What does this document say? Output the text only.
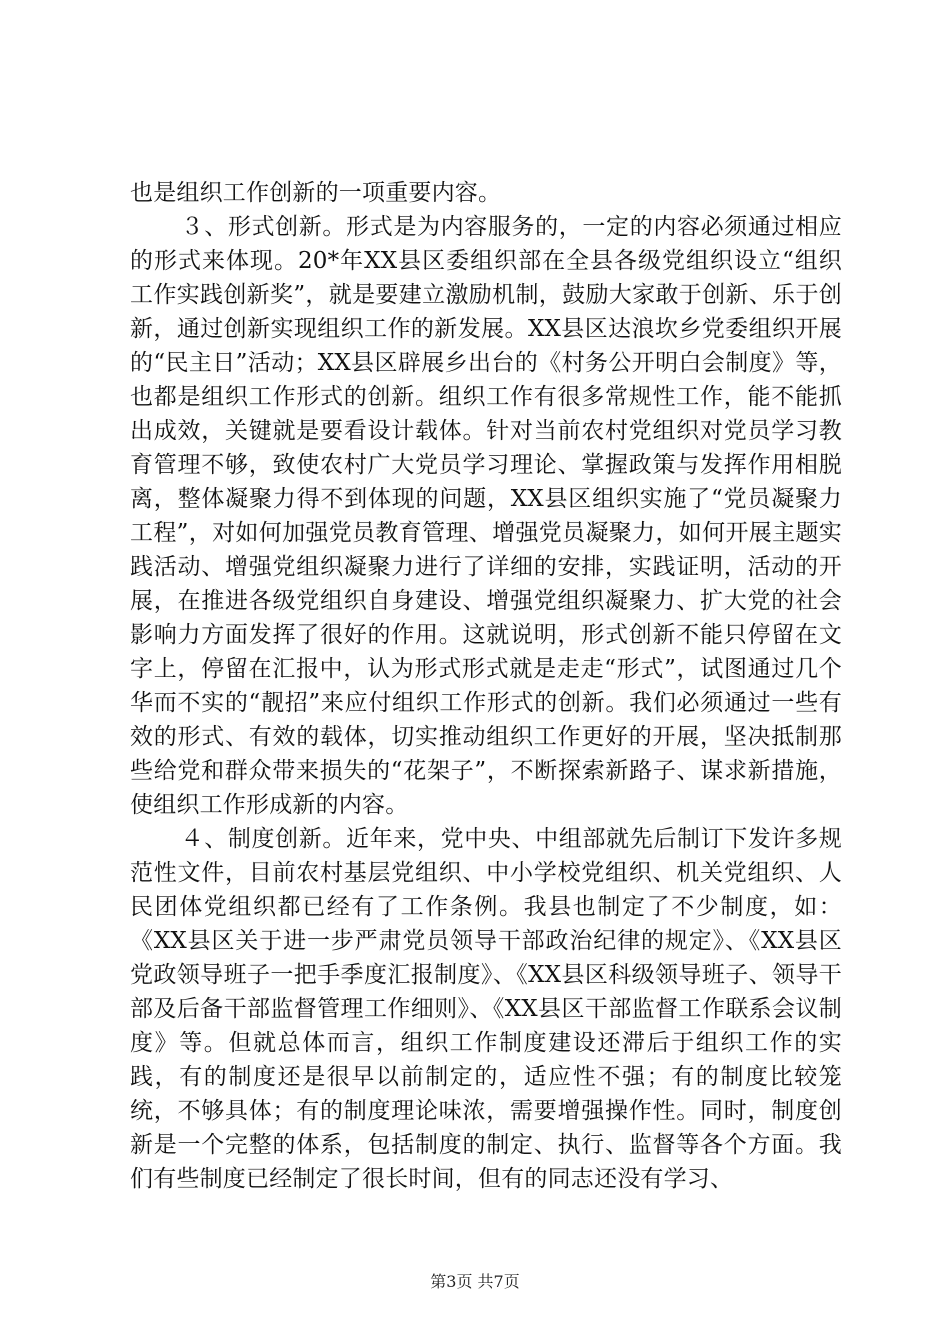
也是组织工作创新的一项重要内容。

３、形式创新。形式是为内容服务的，一定的内容必须通过相应的形式来体现。20*年XX县区委组织部在全县各级党组织设立“组织工作实践创新奖”，就是要建立激励机制，鼓励大家敢于创新、乐于创新，通过创新实现组织工作的新发展。XX县区达浪坎乡党委组织开展的“民主日”活动；XX县区辟展乡出台的《村务公开明白会制度》等，也都是组织工作形式的创新。组织工作有很多常规性工作，能不能抓出成效，关键就是要看设计载体。针对当前农村党组织对党员学习教育管理不够，致使农村广大党员学习理论、掌握政策与发挥作用相脱离，整体凝聚力得不到体现的问题，XX县区组织实施了“党员凝聚力工程”，对如何加强党员教育管理、增强党员凝聚力，如何开展主题实践活动、增强党组织凝聚力进行了详细的安排，实践证明，活动的开展，在推进各级党组织自身建设、增强党组织凝聚力、扩大党的社会影响力方面发挥了很好的作用。这就说明，形式创新不能只停留在文字上，停留在汇报中，认为形式形式就是走走“形式”，试图通过几个华而不实的“靓招”来应付组织工作形式的创新。我们必须通过一些有效的形式、有效的载体，切实推动组织工作更好的开展，坚决抵制那些给党和群众带来损失的“花架子”，不断探索新路子、谋求新措施，使组织工作形成新的内容。

４、制度创新。近年来，党中央、中组部就先后制订下发许多规范性文件，目前农村基层党组织、中小学校党组织、机关党组织、人民团体党组织都已经有了工作条例。我县也制定了不少制度，如：《XX县区关于进一步严肃党员领导干部政治纪律的规定》、《XX县区党政领导班子一把手季度汇报制度》、《XX县区科级领导班子、领导干部及后备干部监督管理工作细则》、《XX县区干部监督工作联系会议制度》等。但就总体而言，组织工作制度建设还滞后于组织工作的实践，有的制度还是很早以前制定的，适应性不强；有的制度比较笼统，不够具体；有的制度理论味浓，需要增强操作性。同时，制度创新是一个完整的体系，包括制度的制定、执行、监督等各个方面。我们有些制度已经制定了很长时间，但有的同志还没有学习、

第3页 共7页
